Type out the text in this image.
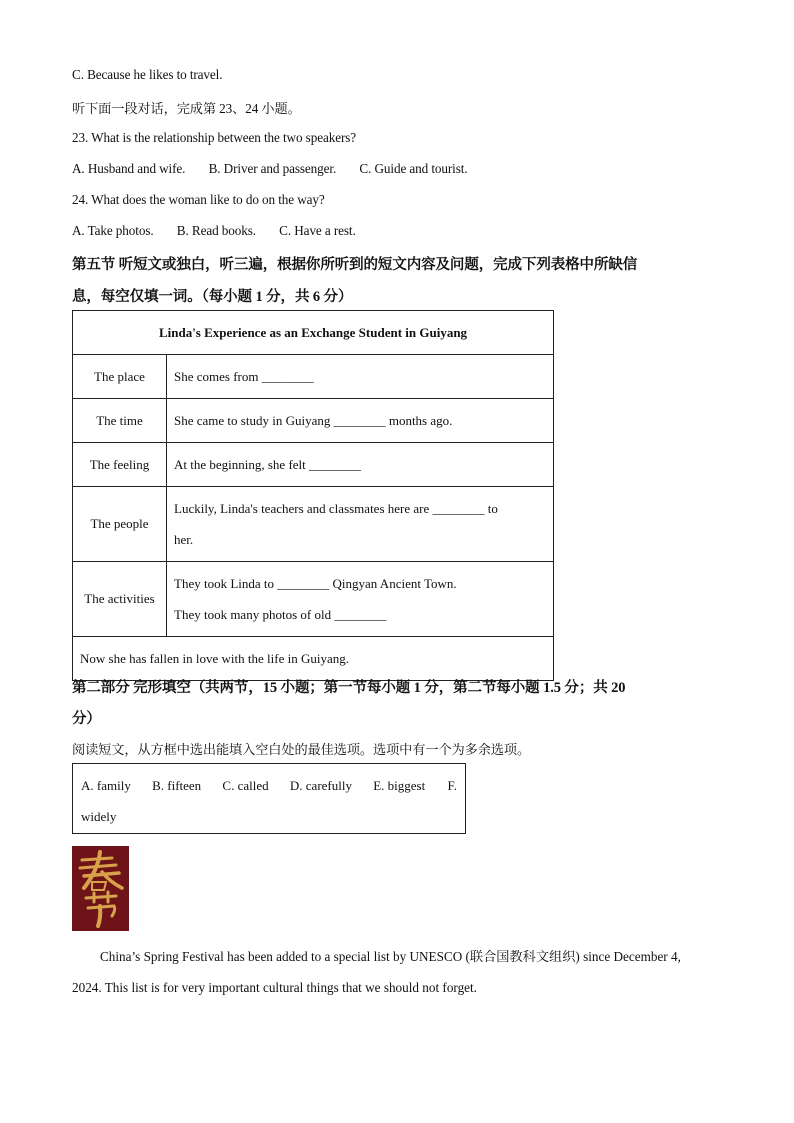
C. Because he likes to travel.
听下面一段对话，完成第 23、24 小题。
23. What is the relationship between the two speakers?
A. Husband and wife. B. Driver and passenger. C. Guide and tourist.
24. What does the woman like to do on the way?
A. Take photos. B. Read books. C. Have a rest.
第五节 听短文或独白，听三遍，根据你所听到的短文内容及问题，完成下列表格中所缺信
息，每空仅填一词。（每小题 1 分，共 6 分）
Linda's Experience as an Exchange Student in Guiyang	
The place	She comes from ________
The time	She came to study in Guiyang ________ months ago.
The feeling	At the beginning, she felt ________
The people	Luckily, Linda's teachers and classmates here are ________ to
her.

The activities	They took Linda to ________ Qingyan Ancient Town.
They took many photos of old ________

Now she has fallen in love with the life in Guiyang.	
第二部分 完形填空（共两节，15 小题；第一节每小题 1 分，第二节每小题 1.5 分；共 20
分）
阅读短文，从方框中选出能填入空白处的最佳选项。选项中有一个为多余选项。
A. family B. fifteen C. called D. carefully E. biggest F.
widely
China’s Spring Festival has been added to a special list by UNESCO (联合国教科文组织) since December 4,
2024. This list is for very important cultural things that we should not forget.
